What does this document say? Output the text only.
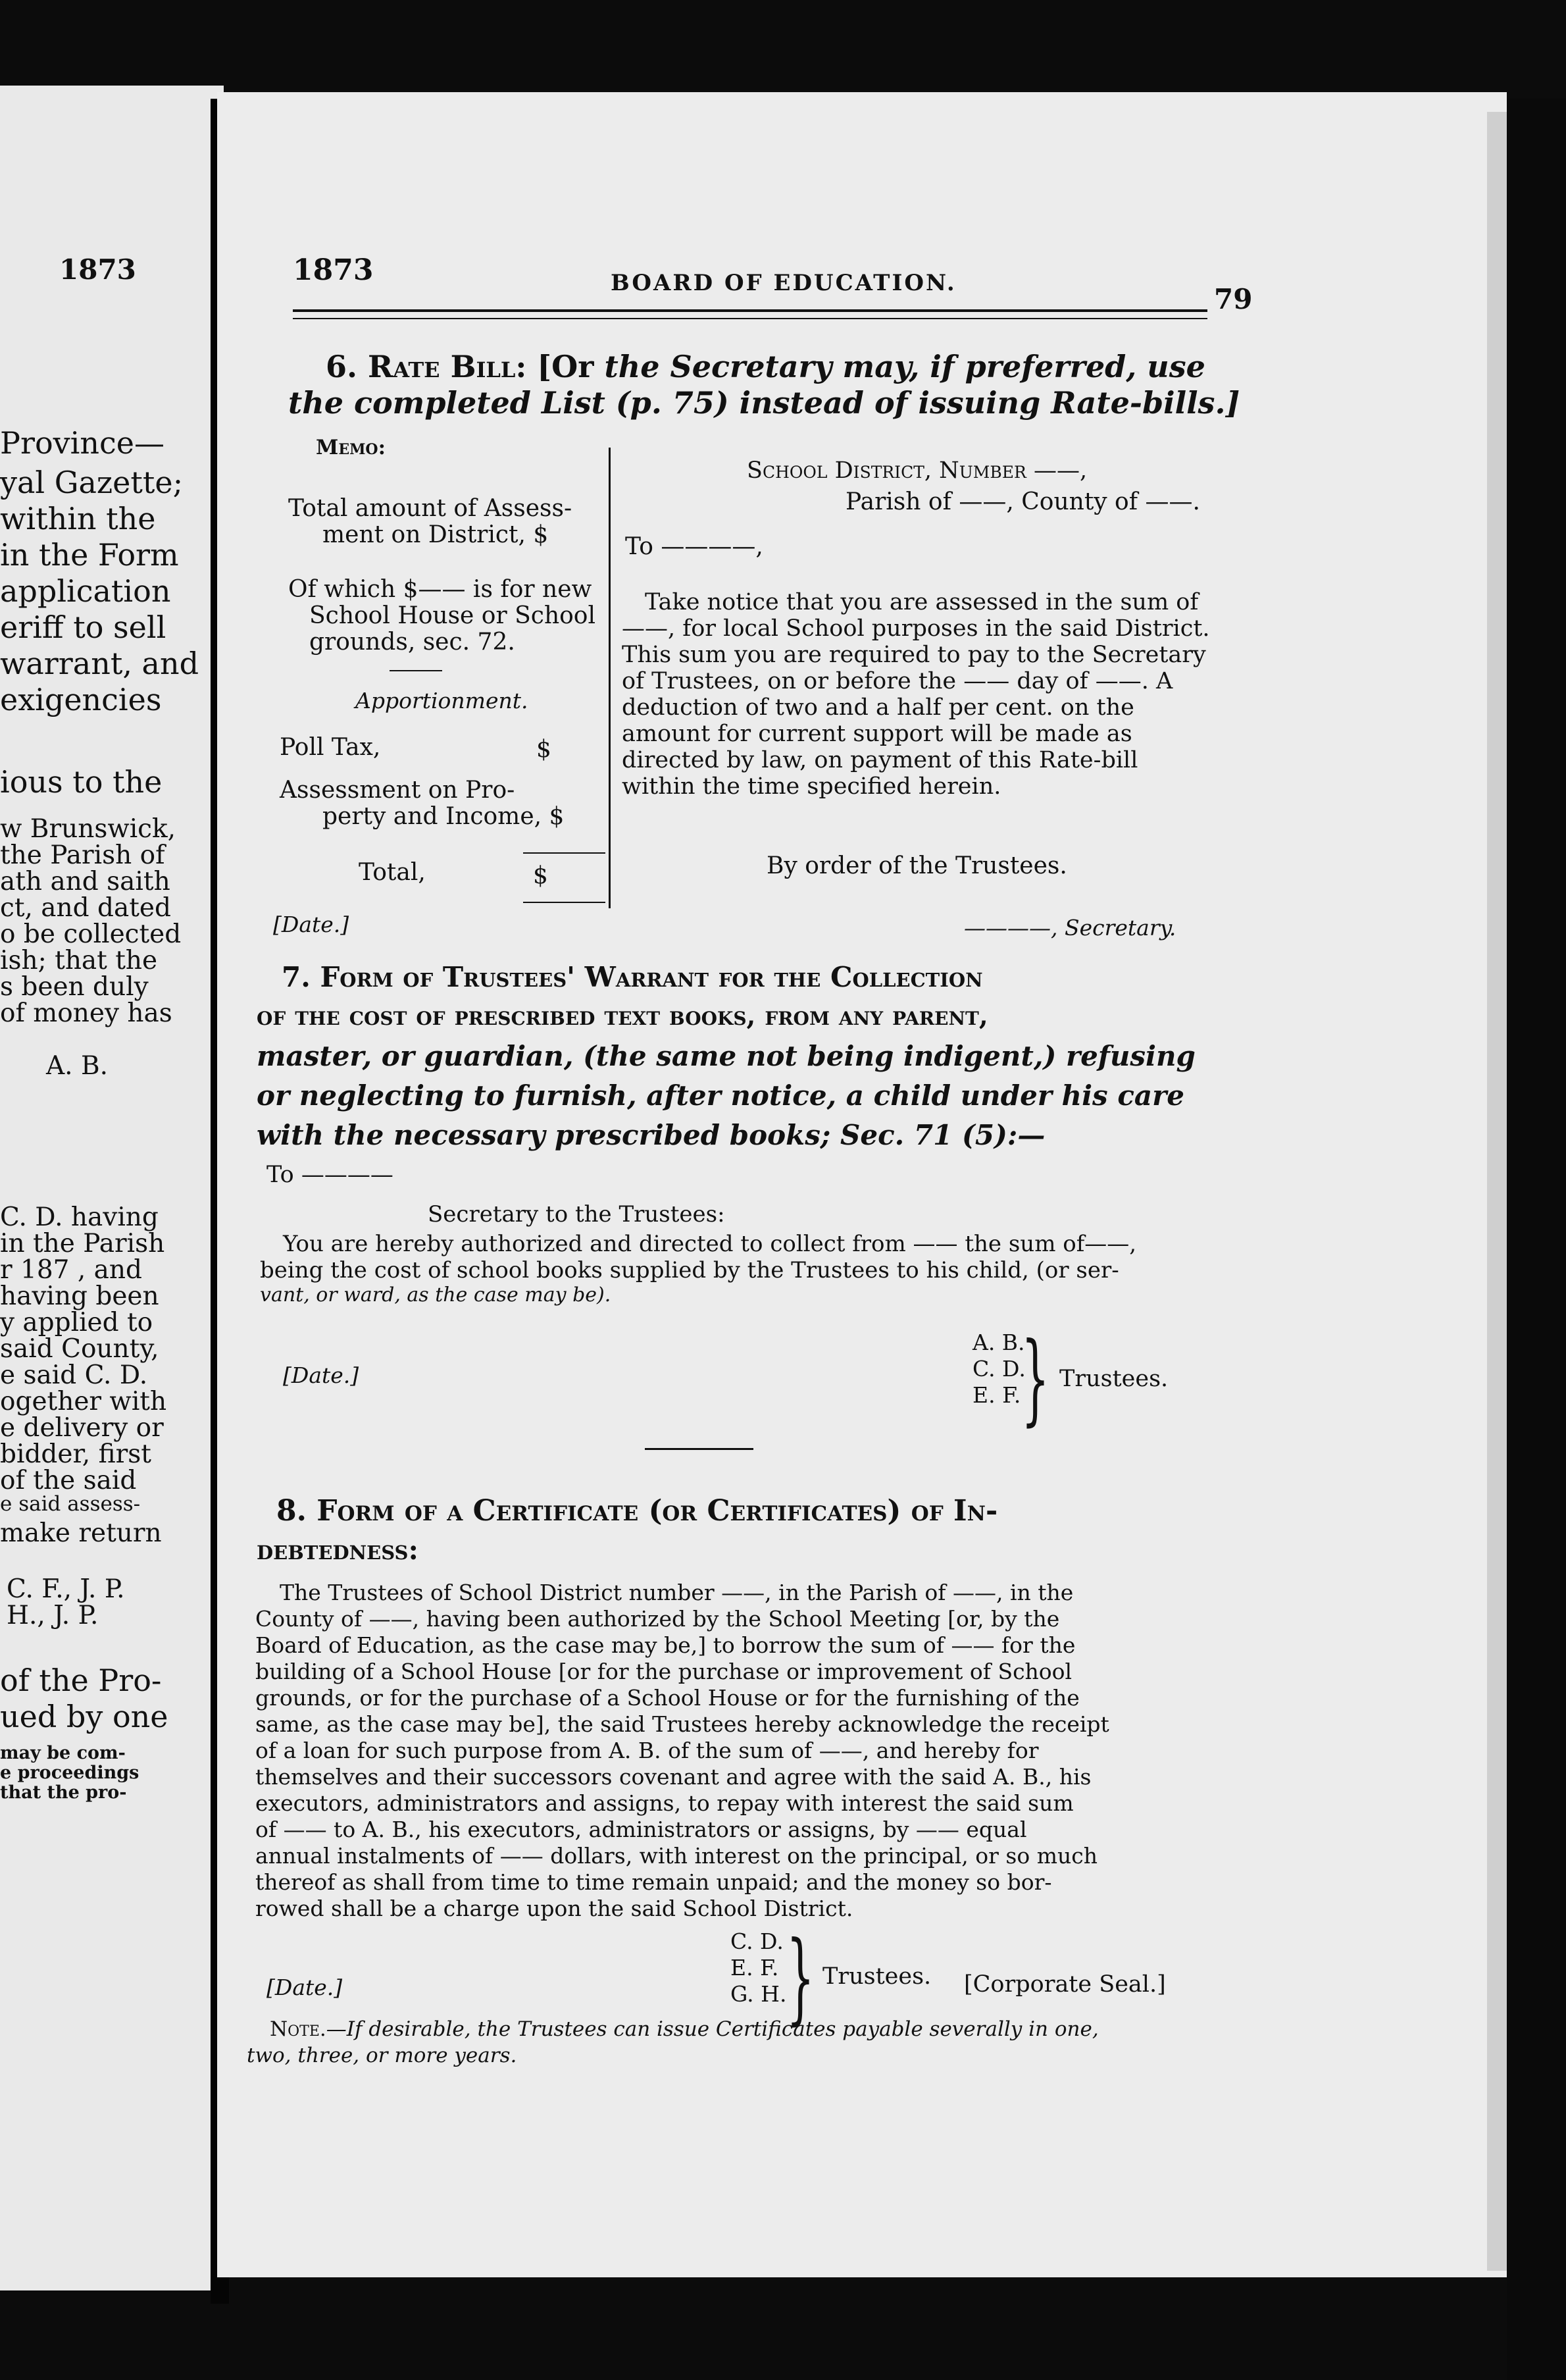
1873
Province—
yal Gazette;
within the
in the Form
application
eriff to sell
warrant, and
exigencies
ious to the
w Brunswick,
the Parish of
ath and saith
ct, and dated
o be collected
ish; that the
s been duly
of money has
A. B.
C. D. having
in the Parish
r 187 , and
having been
y applied to
said County,
e said C. D.
ogether with
e delivery or
bidder, first
of the said
e said assess-
make return
C. F., J. P.
H., J. P.
of the Pro-
ued by one
may be com-
e proceedings
that the pro-
1873	BOARD OF EDUCATION.	79
6. Rate Bill: [Or the Secretary may, if preferred, use
the completed List (p. 75) instead of issuing Rate-bills.]
Memo:
Total amount of Assess-
ment on District, $
Of which $—— is for new
School House or School
grounds, sec. 72.
Apportionment.
Poll Tax,	$
Assessment on Pro-
perty and Income, $
Total,	$
[Date.]
School District, Number ——,
Parish of ——, County of ——.
To ————,
Take notice that you are assessed in the sum of
——, for local School purposes in the said District.
This sum you are required to pay to the Secretary
of Trustees, on or before the —— day of ——. A
deduction of two and a half per cent. on the
amount for current support will be made as
directed by law, on payment of this Rate-bill
within the time specified herein.
By order of the Trustees.
————, Secretary.
7. Form of Trustees' Warrant for the Collection
of the cost of prescribed text books, from any parent,
master, or guardian, (the same not being indigent,) refusing
or neglecting to furnish, after notice, a child under his care
with the necessary prescribed books; Sec. 71 (5):—
To ————
Secretary to the Trustees:
You are hereby authorized and directed to collect from —— the sum of——,
being the cost of school books supplied by the Trustees to his child, (or ser-
vant, or ward, as the case may be).
[Date.]
A. B.
C. D.
E. F. } Trustees.
8. Form of a Certificate (or Certificates) of In-
debtedness:
The Trustees of School District number ——, in the Parish of ——, in the
County of ——, having been authorized by the School Meeting [or, by the
Board of Education, as the case may be,] to borrow the sum of —— for the
building of a School House [or for the purchase or improvement of School
grounds, or for the purchase of a School House or for the furnishing of the
same, as the case may be], the said Trustees hereby acknowledge the receipt
of a loan for such purpose from A. B. of the sum of ——, and hereby for
themselves and their successors covenant and agree with the said A. B., his
executors, administrators and assigns, to repay with interest the said sum
of —— to A. B., his executors, administrators or assigns, by —— equal
annual instalments of —— dollars, with interest on the principal, or so much
thereof as shall from time to time remain unpaid; and the money so bor-
rowed shall be a charge upon the said School District.
[Date.]
C. D.
E. F.
G. H. } Trustees. [Corporate Seal.]
Note.—If desirable, the Trustees can issue Certificates payable severally in one,
two, three, or more years.
